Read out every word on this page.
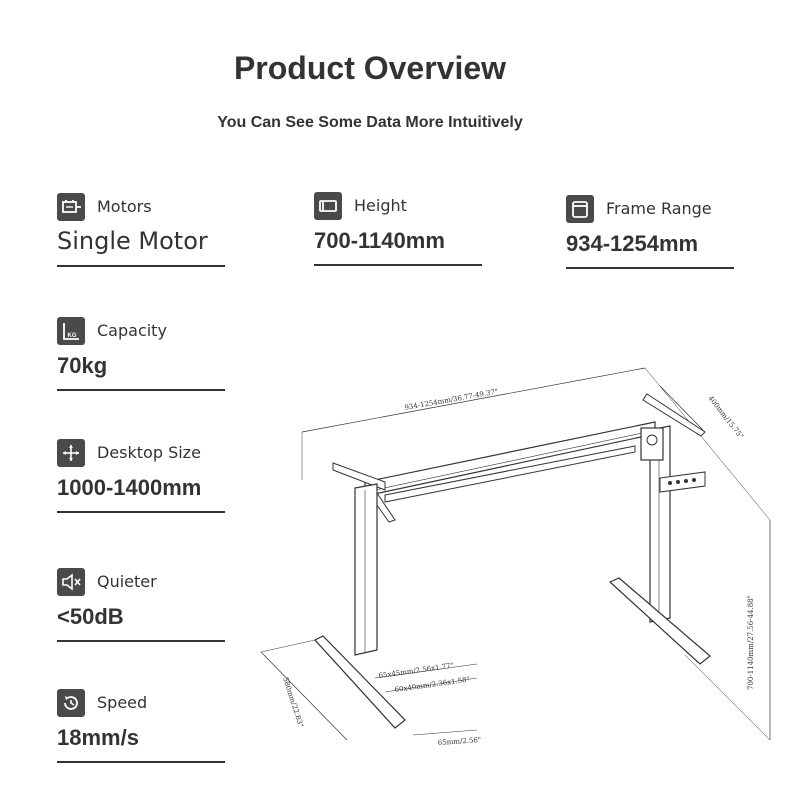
Product Overview
You Can See Some Data More Intuitively
Motors
Single Motor
Height
700-1140mm
Frame Range
934-1254mm
KG Capacity
70kg
Desktop Size
1000-1400mm
Quieter
<50dB
Speed
18mm/s
934-1254mm/36.77-49.37"	400mm/15.75"
700-1140mm/27.56-44.88"
580mm/22.83"
65x45mm/2.56x1.77"
60x40mm/2.36x1.58"
65mm/2.56"
